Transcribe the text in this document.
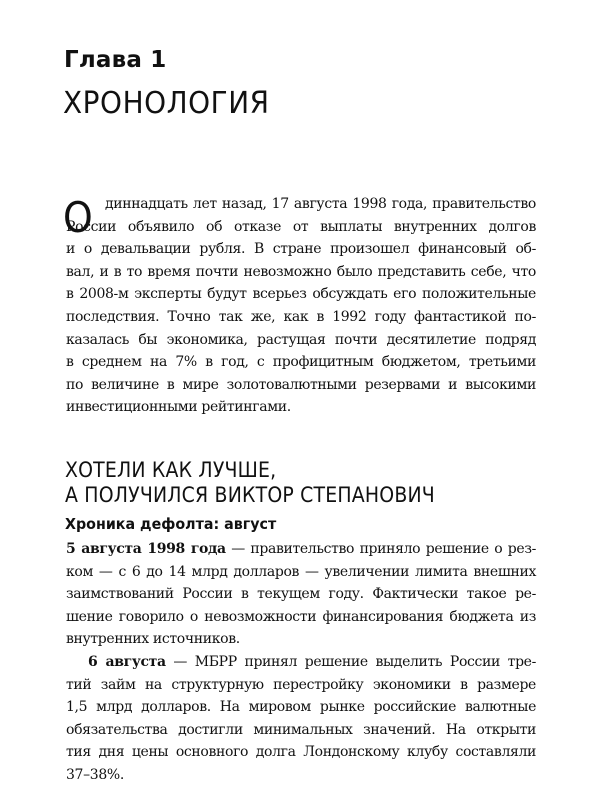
Глава 1
ХРОНОЛОГИЯ
О диннадцать лет назад, 17 августа 1998 года, правительство
России объявило об отказе от выплаты внутренних долгов
и о девальвации рубля. В стране произошел финансовый об-
вал, и в то время почти невозможно было представить себе, что
в 2008-м эксперты будут всерьез обсуждать его положительные
последствия. Точно так же, как в 1992 году фантастикой по-
казалась бы экономика, растущая почти десятилетие подряд
в среднем на 7% в год, с профицитным бюджетом, третьими
по величине в мире золотовалютными резервами и высокими
инвестиционными рейтингами.
ХОТЕЛИ КАК ЛУЧШЕ,
А ПОЛУЧИЛСЯ ВИКТОР СТЕПАНОВИЧ
Хроника дефолта: август
5 августа 1998 года — правительство приняло решение о рез-
ком — с 6 до 14 млрд долларов — увеличении лимита внешних
заимствований России в текущем году. Фактически такое ре-
шение говорило о невозможности финансирования бюджета из
внутренних источников.
6 августа — МБРР принял решение выделить России тре-
тий займ на структурную перестройку экономики в размере
1,5 млрд долларов. На мировом рынке российские валютные
обязательства достигли минимальных значений. На открыти
тия дня цены основного долга Лондонскому клубу составляли
37–38%.
